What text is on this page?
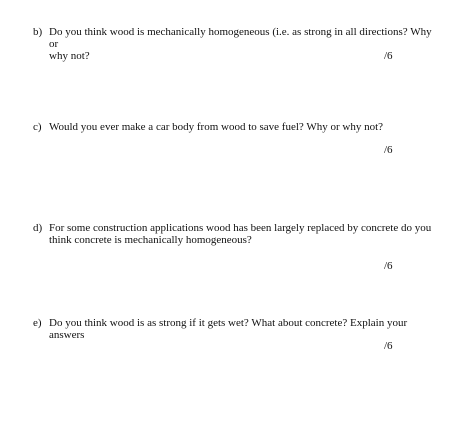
b) Do you think wood is mechanically homogeneous (i.e. as strong in all directions? Why or
why not?	/6
c) Would you ever make a car body from wood to save fuel? Why or why not?
/6
d) For some construction applications wood has been largely replaced by concrete do you
think concrete is mechanically homogeneous?
/6
e) Do you think wood is as strong if it gets wet? What about concrete? Explain your answers
/6
